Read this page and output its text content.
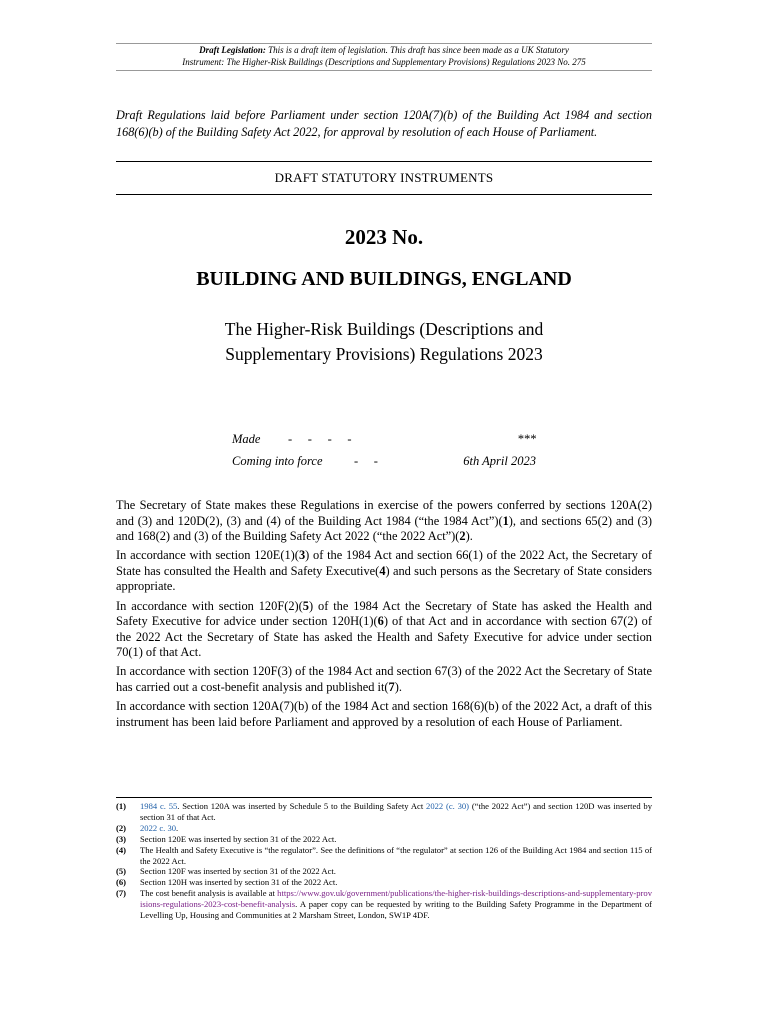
Draft Legislation: This is a draft item of legislation. This draft has since been made as a UK Statutory
Instrument: The Higher-Risk Buildings (Descriptions and Supplementary Provisions) Regulations 2023 No. 275
Draft Regulations laid before Parliament under section 120A(7)(b) of the Building Act 1984 and section 168(6)(b) of the Building Safety Act 2022, for approval by resolution of each House of Parliament.
DRAFT STATUTORY INSTRUMENTS
2023 No.
BUILDING AND BUILDINGS, ENGLAND
The Higher-Risk Buildings (Descriptions and
Supplementary Provisions) Regulations 2023
Made -     -     -     -	***
Coming into force	-     -	6th April 2023

The Secretary of State makes these Regulations in exercise of the powers conferred by sections 120A(2) and (3) and 120D(2), (3) and (4) of the Building Act 1984 (“the 1984 Act”)(1), and sections 65(2) and (3) and 168(2) and (3) of the Building Safety Act 2022 (“the 2022 Act”)(2).

In accordance with section 120E(1)(3) of the 1984 Act and section 66(1) of the 2022 Act, the Secretary of State has consulted the Health and Safety Executive(4) and such persons as the Secretary of State considers appropriate.

In accordance with section 120F(2)(5) of the 1984 Act the Secretary of State has asked the Health and Safety Executive for advice under section 120H(1)(6) of that Act and in accordance with section 67(2) of the 2022 Act the Secretary of State has asked the Health and Safety Executive for advice under section 70(1) of that Act.

In accordance with section 120F(3) of the 1984 Act and section 67(3) of the 2022 Act the Secretary of State has carried out a cost-benefit analysis and published it(7).

In accordance with section 120A(7)(b) of the 1984 Act and section 168(6)(b) of the 2022 Act, a draft of this instrument has been laid before Parliament and approved by a resolution of each House of Parliament.

(1)	1984 c. 55. Section 120A was inserted by Schedule 5 to the Building Safety Act 2022 (c. 30) (“the 2022 Act”) and section 120D was inserted by section 31 of that Act.
(2)	2022 c. 30.
(3)	Section 120E was inserted by section 31 of the 2022 Act.
(4)	The Health and Safety Executive is “the regulator”. See the definitions of “the regulator” at section 126 of the Building Act 1984 and section 115 of the 2022 Act.
(5)	Section 120F was inserted by section 31 of the 2022 Act.
(6)	Section 120H was inserted by section 31 of the 2022 Act.
(7)	The cost benefit analysis is available at https://www.gov.uk/government/publications/the-higher-risk-buildings-descriptions-and-supplementary-provisions-regulations-2023-cost-benefit-analysis. A paper copy can be requested by writing to the Building Safety Programme in the Department of Levelling Up, Housing and Communities at 2 Marsham Street, London, SW1P 4DF.
